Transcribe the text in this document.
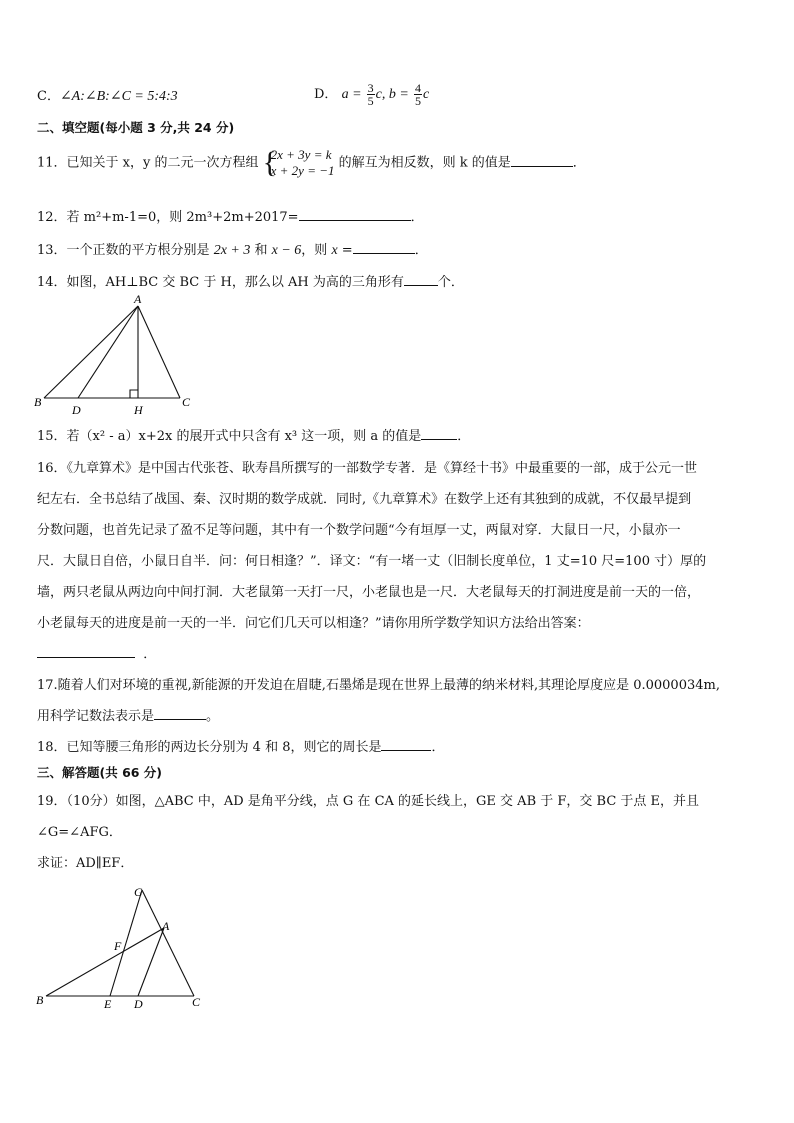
C．∠A:∠B:∠C = 5:4:3	D． $a = \frac{3}{5} c$, $b = \frac{4}{5}$ c
二、填空题(每小题 3 分,共 24 分)
11．已知关于 x，y 的二元一次方程组 {
2x + 3y = k
x + 2y = −1 的解互为相反数，则 k 的值是	．
12．若 m²+m-1=0，则 2m³+2m+2017=	．
13．一个正数的平方根分别是 2x + 3 和 x − 6，则 x =	．
14．如图，AH⊥BC 交 BC 于 H，那么以 AH 为高的三角形有	个．
A
B	C
D	H
15．若（x² - a）x+2x 的展开式中只含有 x³ 这一项，则 a 的值是	．
16．《九章算术》是中国古代张苍、耿寿昌所撰写的一部数学专著．是《算经十书》中最重要的一部，成于公元一世
纪左右．全书总结了战国、秦、汉时期的数学成就．同时,《九章算术》在数学上还有其独到的成就，不仅最早提到
分数问题，也首先记录了盈不足等问题，其中有一个数学问题“今有垣厚一丈，两鼠对穿．大鼠日一尺，小鼠亦一
尺．大鼠日自倍，小鼠日自半．问：何日相逢？”．译文：“有一堵一丈（旧制长度单位，1 丈=10 尺=100 寸）厚的
墙，两只老鼠从两边向中间打洞．大老鼠第一天打一尺，小老鼠也是一尺．大老鼠每天的打洞进度是前一天的一倍，
小老鼠每天的进度是前一天的一半．问它们几天可以相逢？”请你用所学数学知识方法给出答案：
．
17.随着人们对环境的重视,新能源的开发迫在眉睫,石墨烯是现在世界上最薄的纳米材料,其理论厚度应是 0.0000034m,
用科学记数法表示是	。
18．已知等腰三角形的两边长分别为 4 和 8，则它的周长是	．
三、解答题(共 66 分)
19．（10分）如图，△ABC 中，AD 是角平分线，点 G 在 CA 的延长线上，GE 交 AB 于 F，交 BC 于点 E，并且
∠G=∠AFG．
求证：AD∥EF．
G
A
F
B	E D	C
